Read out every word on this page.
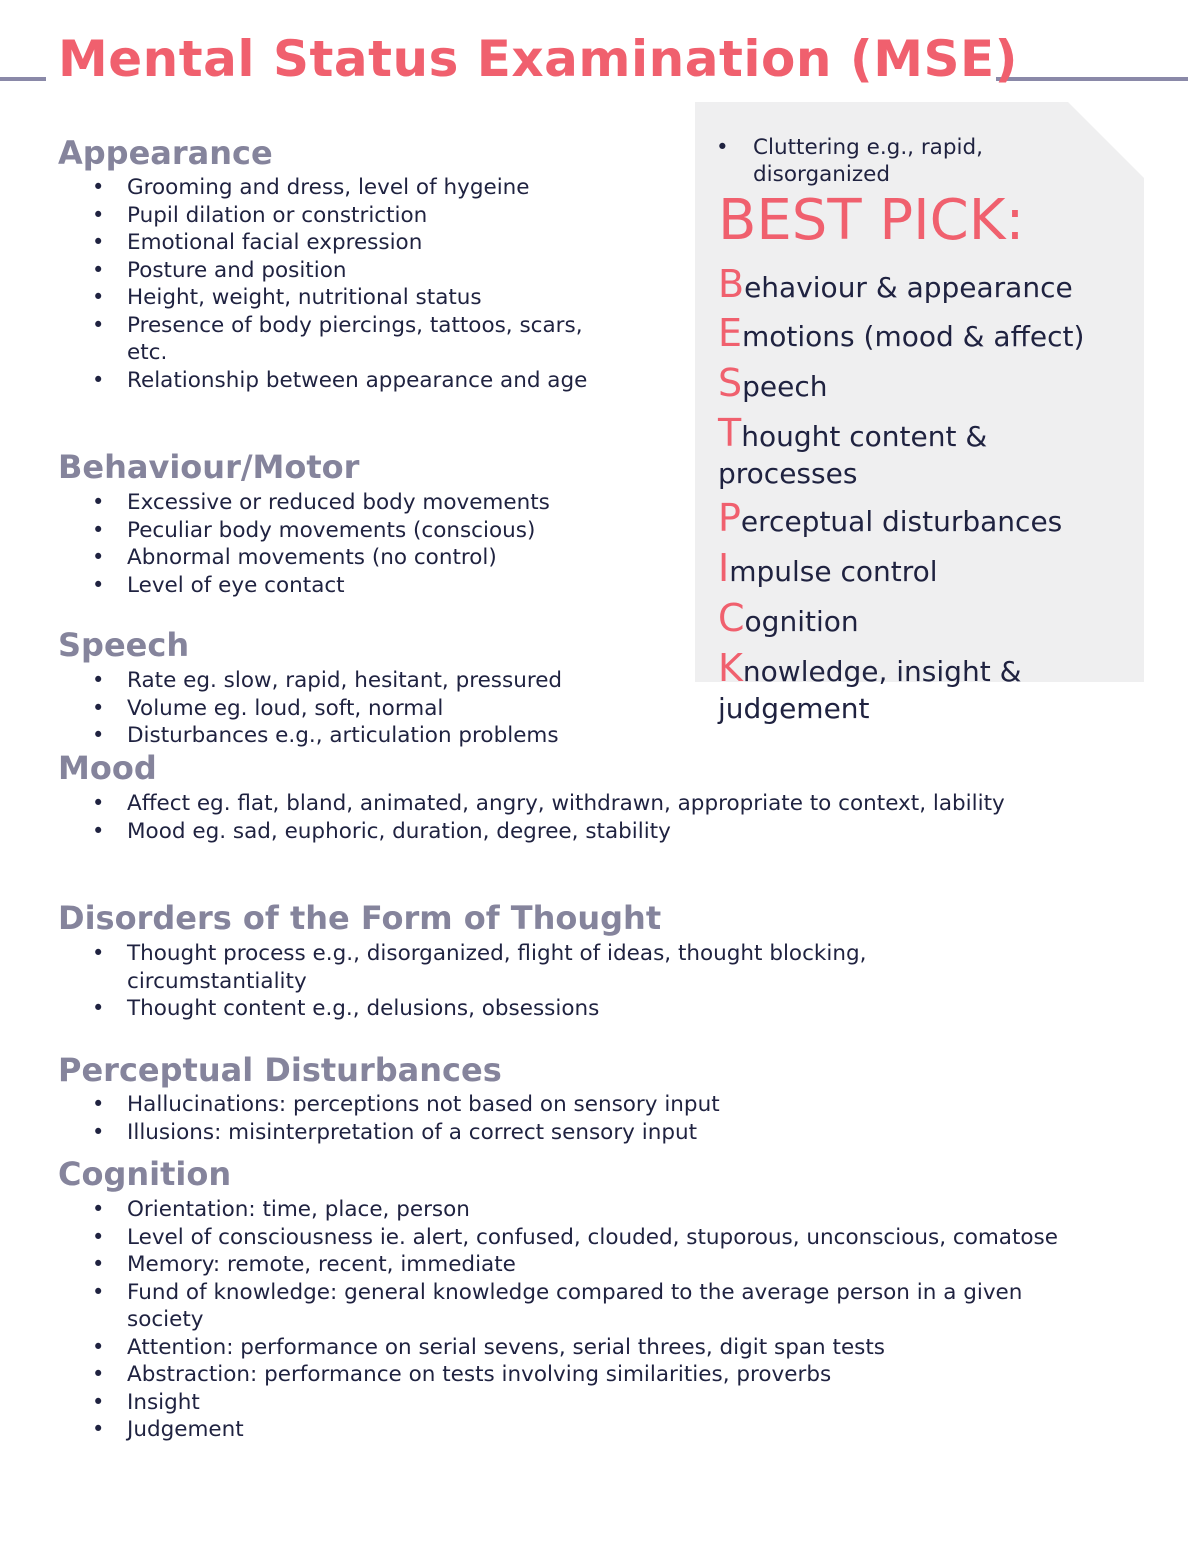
Mental Status Examination (MSE)
Appearance
• Grooming and dress, level of hygeine
• Pupil dilation or constriction
• Emotional facial expression
• Posture and position
• Height, weight, nutritional status
• Presence of body piercings, tattoos, scars, etc.
• Relationship between appearance and age
Behaviour/Motor
• Excessive or reduced body movements
• Peculiar body movements (conscious)
• Abnormal movements (no control)
• Level of eye contact
Speech
• Rate eg. slow, rapid, hesitant, pressured
• Volume eg. loud, soft, normal
• Disturbances e.g., articulation problems
Mood
• Affect eg. flat, bland, animated, angry, withdrawn, appropriate to context, lability
• Mood eg. sad, euphoric, duration, degree, stability
Disorders of the Form of Thought
• Thought process e.g., disorganized, flight of ideas, thought blocking, circumstantiality
• Thought content e.g., delusions, obsessions
Perceptual Disturbances
• Hallucinations: perceptions not based on sensory input
• Illusions: misinterpretation of a correct sensory input
Cognition
• Orientation: time, place, person
• Level of consciousness ie. alert, confused, clouded, stuporous, unconscious, comatose
• Memory: remote, recent, immediate
• Fund of knowledge: general knowledge compared to the average person in a given society
• Attention: performance on serial sevens, serial threes, digit span tests
• Abstraction: performance on tests involving similarities, proverbs
• Insight
• Judgement
• Cluttering e.g., rapid, disorganized
BEST PICK:
Behaviour & appearance
Emotions (mood & affect)
Speech
Thought content &
processes
Perceptual disturbances
Impulse control
Cognition
Knowledge, insight &
judgement
